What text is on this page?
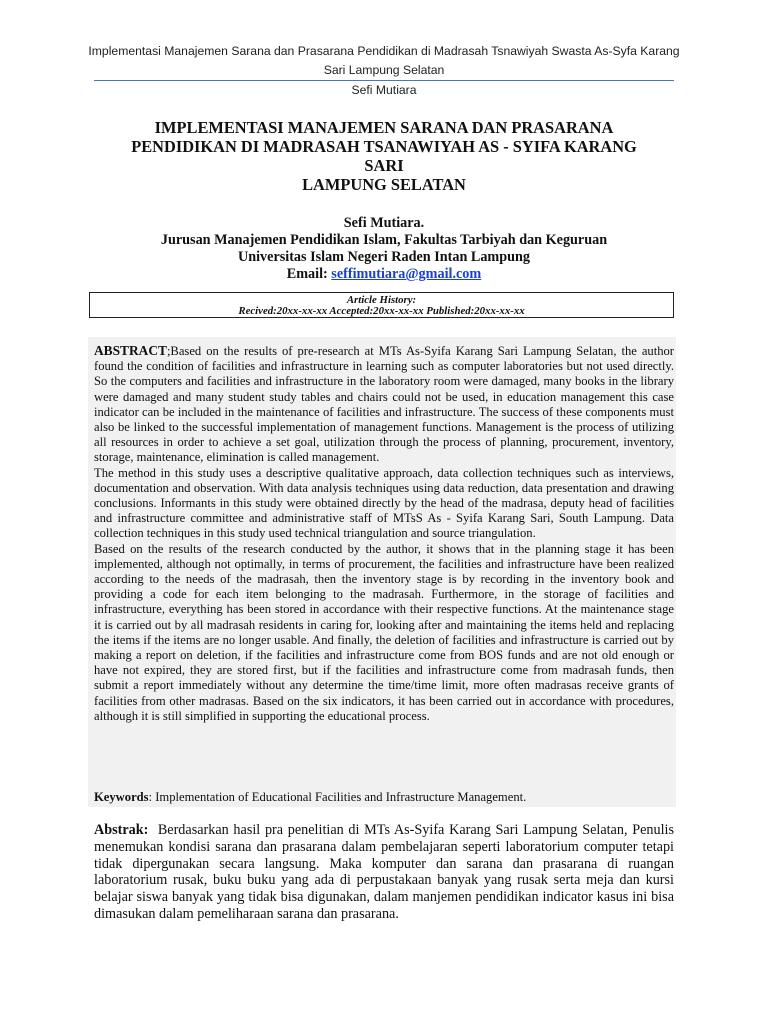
Implementasi Manajemen Sarana dan Prasarana Pendidikan di Madrasah Tsnawiyah Swasta As-Syfa Karang Sari Lampung Selatan
Sefi Mutiara
IMPLEMENTASI MANAJEMEN SARANA DAN PRASARANA
PENDIDIKAN DI MADRASAH TSANAWIYAH AS - SYIFA KARANG
SARI
LAMPUNG SELATAN
Sefi Mutiara.
Jurusan Manajemen Pendidikan Islam, Fakultas Tarbiyah dan Keguruan
Universitas Islam Negeri Raden Intan Lampung
Email: seffimutiara@gmail.com
Article History:
Recived:20xx-xx-xx Accepted:20xx-xx-xx Published:20xx-xx-xx

ABSTRACT;Based on the results of pre-research at MTs As-Syifa Karang Sari Lampung Selatan, the author found the condition of facilities and infrastructure in learning such as computer laboratories but not used directly. So the computers and facilities and infrastructure in the laboratory room were damaged, many books in the library were damaged and many student study tables and chairs could not be used, in education management this case indicator can be included in the maintenance of facilities and infrastructure. The success of these components must also be linked to the successful implementation of management functions. Management is the process of utilizing all resources in order to achieve a set goal, utilization through the process of planning, procurement, inventory, storage, maintenance, elimination is called management.

The method in this study uses a descriptive qualitative approach, data collection techniques such as interviews, documentation and observation. With data analysis techniques using data reduction, data presentation and drawing conclusions. Informants in this study were obtained directly by the head of the madrasa, deputy head of facilities and infrastructure committee and administrative staff of MTsS As - Syifa Karang Sari, South Lampung. Data collection techniques in this study used technical triangulation and source triangulation.

Based on the results of the research conducted by the author, it shows that in the planning stage it has been implemented, although not optimally, in terms of procurement, the facilities and infrastructure have been realized according to the needs of the madrasah, then the inventory stage is by recording in the inventory book and providing a code for each item belonging to the madrasah. Furthermore, in the storage of facilities and infrastructure, everything has been stored in accordance with their respective functions. At the maintenance stage it is carried out by all madrasah residents in caring for, looking after and maintaining the items held and replacing the items if the items are no longer usable. And finally, the deletion of facilities and infrastructure is carried out by making a report on deletion, if the facilities and infrastructure come from BOS funds and are not old enough or have not expired, they are stored first, but if the facilities and infrastructure come from madrasah funds, then submit a report immediately without any determine the time/time limit, more often madrasas receive grants of facilities from other madrasas. Based on the six indicators, it has been carried out in accordance with procedures, although it is still simplified in supporting the educational process.

Keywords: Implementation of Educational Facilities and Infrastructure Management.
Abstrak:  Berdasarkan hasil pra penelitian di MTs As-Syifa Karang Sari Lampung Selatan, Penulis menemukan kondisi sarana dan prasarana dalam pembelajaran seperti laboratorium computer tetapi  tidak dipergunakan secara langsung. Maka komputer dan sarana dan prasarana di ruangan laboratorium rusak, buku buku yang ada di perpustakaan banyak yang rusak serta meja dan kursi belajar siswa banyak yang tidak bisa digunakan, dalam manjemen pendidikan indicator kasus ini bisa dimasukan dalam pemeliharaan sarana dan prasarana.
